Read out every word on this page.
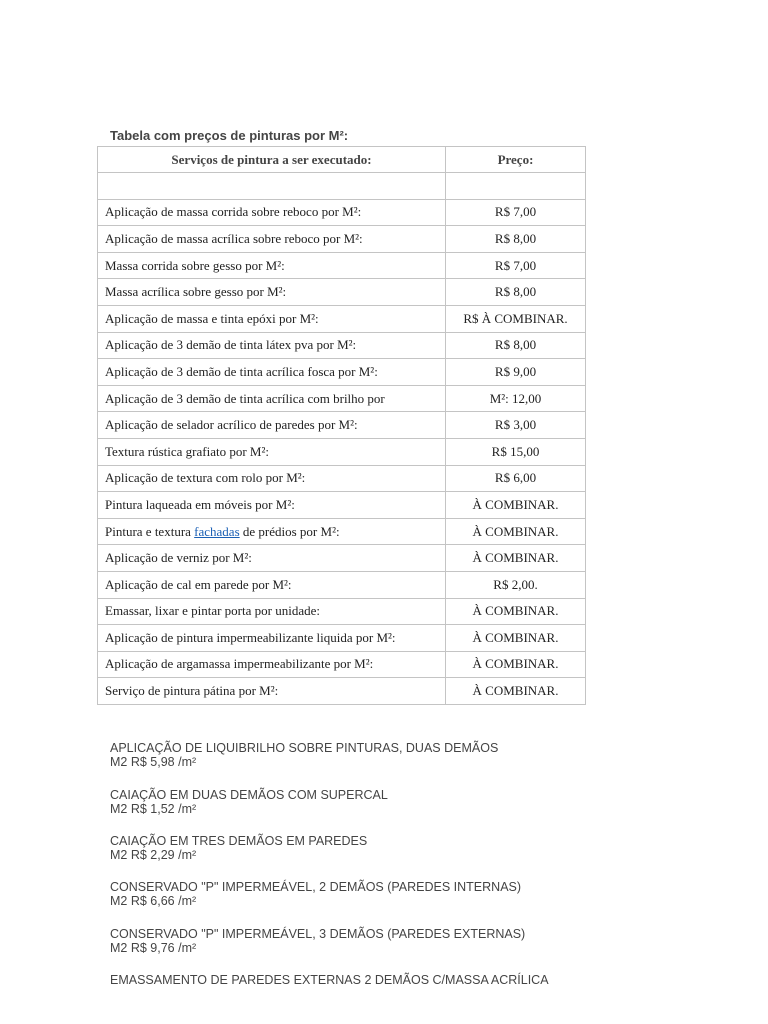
Tabela com preços de pinturas por M²:
Serviços de pintura a ser executado:	Preço:

Aplicação de massa corrida sobre reboco por M²:	R$ 7,00
Aplicação de massa acrílica sobre reboco por M²:	R$ 8,00
Massa corrida sobre gesso por M²:	R$ 7,00
Massa acrílica sobre gesso por M²:	R$ 8,00
Aplicação de massa e tinta epóxi por M²:	R$ À COMBINAR.
Aplicação de 3 demão de tinta látex pva por M²:	R$ 8,00
Aplicação de 3 demão de tinta acrílica fosca por M²:	R$ 9,00
Aplicação de 3 demão de tinta acrílica com brilho por	M²: 12,00
Aplicação de selador acrílico de paredes por M²:	R$ 3,00
Textura rústica grafiato por M²:	R$ 15,00
Aplicação de textura com rolo por M²:	R$ 6,00
Pintura laqueada em móveis por M²:	À COMBINAR.
Pintura e textura fachadas de prédios por M²:	À COMBINAR.
Aplicação de verniz por M²:	À COMBINAR.
Aplicação de cal em parede por M²:	R$ 2,00.
Emassar, lixar e pintar porta por unidade:	À COMBINAR.
Aplicação de pintura impermeabilizante liquida por M²:	À COMBINAR.
Aplicação de argamassa impermeabilizante por M²:	À COMBINAR.
Serviço de pintura pátina por M²:	À COMBINAR.
APLICAÇÃO DE LIQUIBRILHO SOBRE PINTURAS, DUAS DEMÃOS
M2 R$ 5,98 /m²
CAIAÇÃO EM DUAS DEMÃOS COM SUPERCAL
M2 R$ 1,52 /m²
CAIAÇÃO EM TRES DEMÃOS EM PAREDES
M2 R$ 2,29 /m²
CONSERVADO "P" IMPERMEÁVEL, 2 DEMÃOS (PAREDES INTERNAS)
M2 R$ 6,66 /m²
CONSERVADO "P" IMPERMEÁVEL, 3 DEMÃOS (PAREDES EXTERNAS)
M2 R$ 9,76 /m²
EMASSAMENTO DE PAREDES EXTERNAS 2 DEMÃOS C/MASSA ACRÍLICA
